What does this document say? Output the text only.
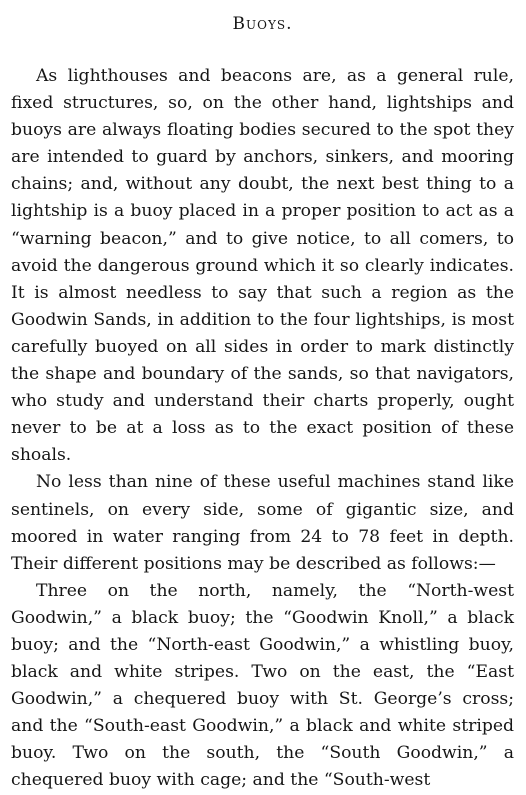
Buoys.

As lighthouses and beacons are, as a general rule, fixed structures, so, on the other hand, lightships and buoys are always floating bodies secured to the spot they are intended to guard by anchors, sinkers, and mooring chains; and, without any doubt, the next best thing to a lightship is a buoy placed in a proper position to act as a “warning beacon,” and to give notice, to all comers, to avoid the dangerous ground which it so clearly indicates. It is almost needless to say that such a region as the Goodwin Sands, in addition to the four lightships, is most carefully buoyed on all sides in order to mark distinctly the shape and boundary of the sands, so that navigators, who study and understand their charts properly, ought never to be at a loss as to the exact position of these shoals.

No less than nine of these useful machines stand like sentinels, on every side, some of gigantic size, and moored in water ranging from 24 to 78 feet in depth. Their different positions may be described as follows:—

Three on the north, namely, the “North-west Goodwin,” a black buoy; the “Goodwin Knoll,” a black buoy; and the “North-east Goodwin,” a whistling buoy, black and white stripes. Two on the east, the “East Goodwin,” a chequered buoy with St. George’s cross; and the “South-east Goodwin,” a black and white striped buoy. Two on the south, the “South Goodwin,” a chequered buoy with cage; and the “South-west
